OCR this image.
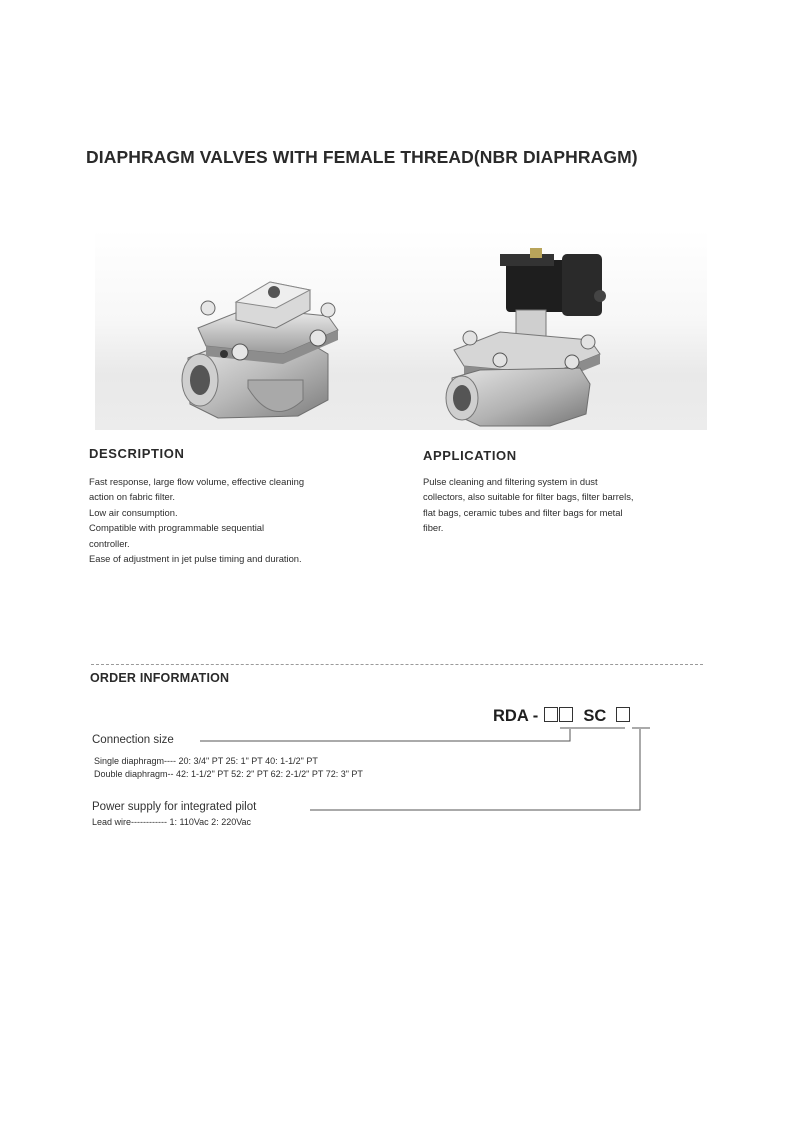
DIAPHRAGM VALVES WITH FEMALE THREAD(NBR DIAPHRAGM)
DESCRIPTION
Fast response, large flow volume, effective cleaning
action on fabric filter.
Low air consumption.
Compatible with programmable sequential
controller.
Ease of adjustment in jet pulse timing and duration.
APPLICATION
Pulse cleaning and filtering system in dust
collectors, also suitable for filter bags, filter barrels,
flat bags, ceramic tubes and filter bags for metal
fiber.
ORDER INFORMATION
RDA -	SC
Connection size
Single diaphragm---- 20: 3/4" PT 25: 1" PT 40: 1-1/2" PT
Double diaphragm-- 42: 1-1/2" PT 52: 2" PT 62: 2-1/2" PT 72: 3" PT
Power supply for integrated pilot
Lead wire------------ 1: 110Vac 2: 220Vac
